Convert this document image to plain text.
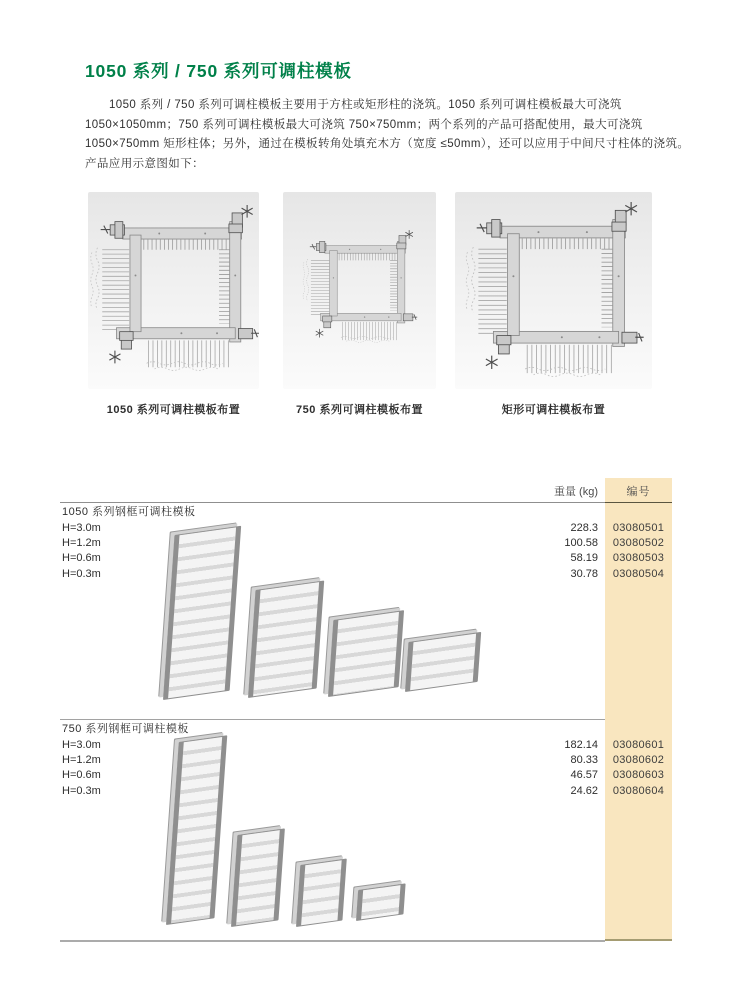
1050 系列 / 750 系列可调柱模板
1050 系列 / 750 系列可调柱模板主要用于方柱或矩形柱的浇筑。1050 系列可调柱模板最大可浇筑
1050×1050mm；750 系列可调柱模板最大可浇筑 750×750mm；两个系列的产品可搭配使用，最大可浇筑
1050×750mm 矩形柱体；另外，通过在模板转角处填充木方（宽度 ≤50mm），还可以应用于中间尺寸柱体的浇筑。
产品应用示意图如下：
1050 系列可调柱模板布置	750 系列可调柱模板布置	矩形可调柱模板布置
重量 (kg)	编号
1050 系列钢框可调柱模板
H=3.0m	228.3	03080501
H=1.2m	100.58	03080502
H=0.6m	58.19	03080503
H=0.3m	30.78	03080504
750 系列钢框可调柱模板
H=3.0m	182.14	03080601
H=1.2m	80.33	03080602
H=0.6m	46.57	03080603
H=0.3m	24.62	03080604
